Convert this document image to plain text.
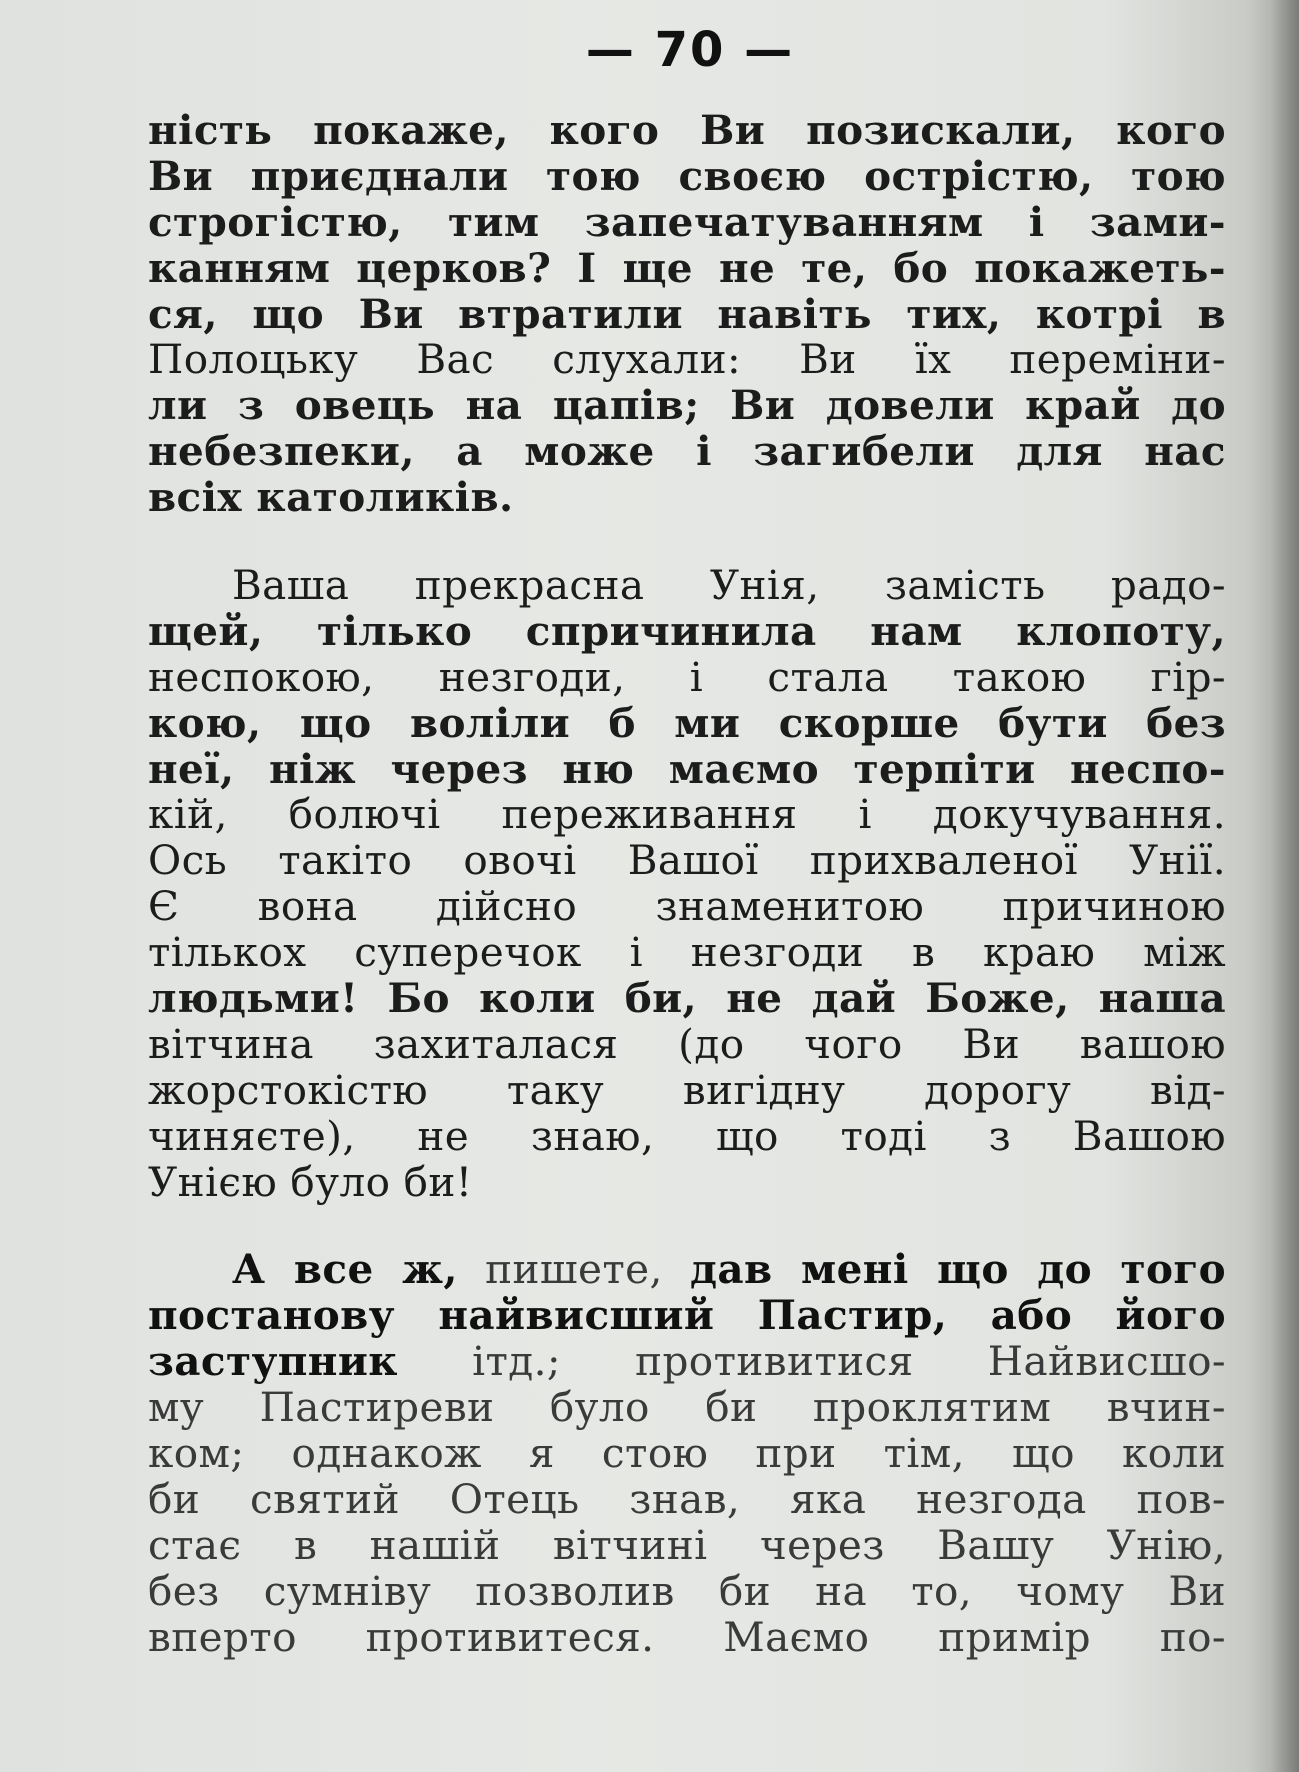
— 70 —
ність покаже, кого Ви позискали, кого
Ви приєднали тою своєю острістю, тою
строгістю, тим запечатуванням і зами-
канням церков? І ще не те, бо покажеть-
ся, що Ви втратили навіть тих, котрі в
Полоцьку Вас слухали: Ви їх переміни-
ли з овець на цапів; Ви довели край до
небезпеки, а може і загибели для нас
всіх католиків.
Ваша прекрасна Унія, замість радо-
щей, тілько спричинила нам клопоту,
неспокою, незгоди, і стала такою гір-
кою, що воліли б ми скорше бути без
неї, ніж через ню маємо терпіти неспо-
кій, болючі переживання і докучування.
Ось такіто овочі Вашої прихваленої Унії.
Є вона дійсно знаменитою причиною
тількох суперечок і незгоди в краю між
людьми! Бо коли би, не дай Боже, наша
вітчина захиталася (до чого Ви вашою
жорстокістю таку вигідну дорогу від-
чиняєте), не знаю, що тоді з Вашою
Унією було би!
А все ж, пишете, дав мені що до того
постанову найвисший Пастир, або його
заступник ітд.; противитися Найвисшо-
му Пастиреви було би проклятим вчин-
ком; однакож я стою при тім, що коли
би святий Отець знав, яка незгода пов-
стає в нашій вітчині через Вашу Унію,
без сумніву позволив би на то, чому Ви
вперто противитеся. Маємо примір по-
